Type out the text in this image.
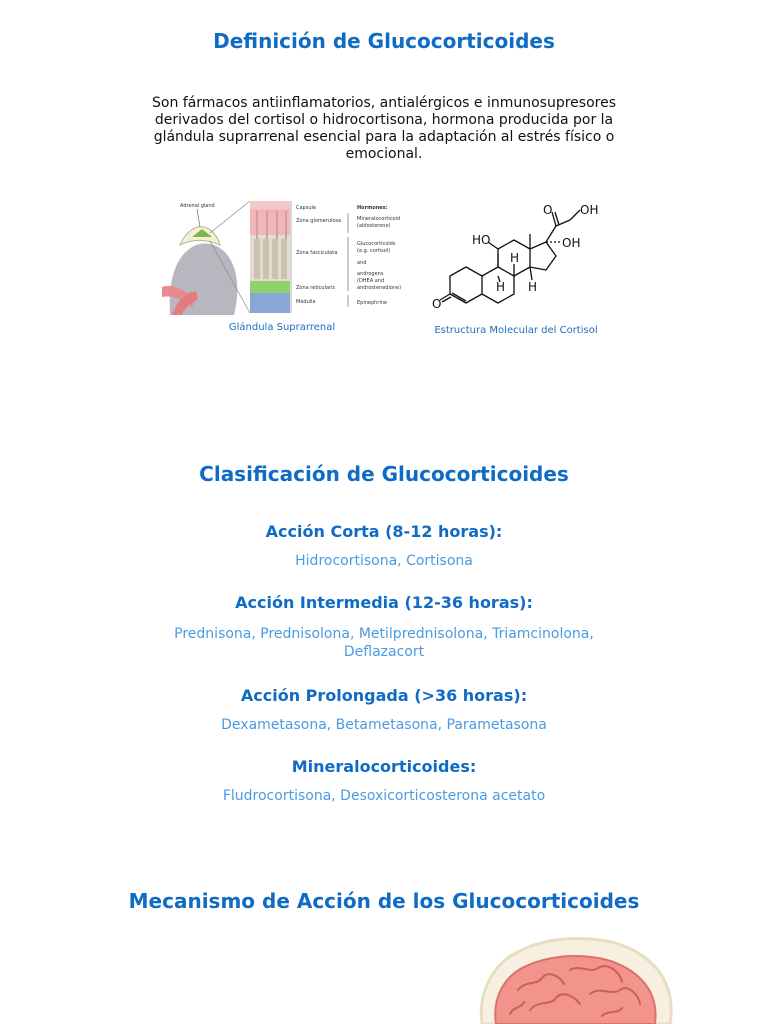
Definición de Glucocorticoides

Son fármacos antiinflamatorios, antialérgicos e inmunosupresores derivados del cortisol o hidrocortisona, hormona producida por la glándula suprarrenal esencial para la adaptación al estrés físico o emocional.

Adrenal gland	Capsule
Zona glomerulosa
Zona fasciculata
Zona reticularis
Medulla
Hormones:
Mineralocorticoid
(aldosterone)
Glucocorticoids
(e.g. cortisol)
and
androgens
(DHEA and
androstenedione)
Epinephrine
Glándula Suprarrenal
O OH
HO	OH
H
H H
O
Estructura Molecular del Cortisol
Clasificación de Glucocorticoides
Acción Corta (8-12 horas):

Hidrocortisona, Cortisona

Acción Intermedia (12-36 horas):

Prednisona, Prednisolona, Metilprednisolona, Triamcinolona, Deflazacort

Acción Prolongada (>36 horas):

Dexametasona, Betametasona, Parametasona

Mineralocorticoides:

Fludrocortisona, Desoxicorticosterona acetato

Mecanismo de Acción de los Glucocorticoides
